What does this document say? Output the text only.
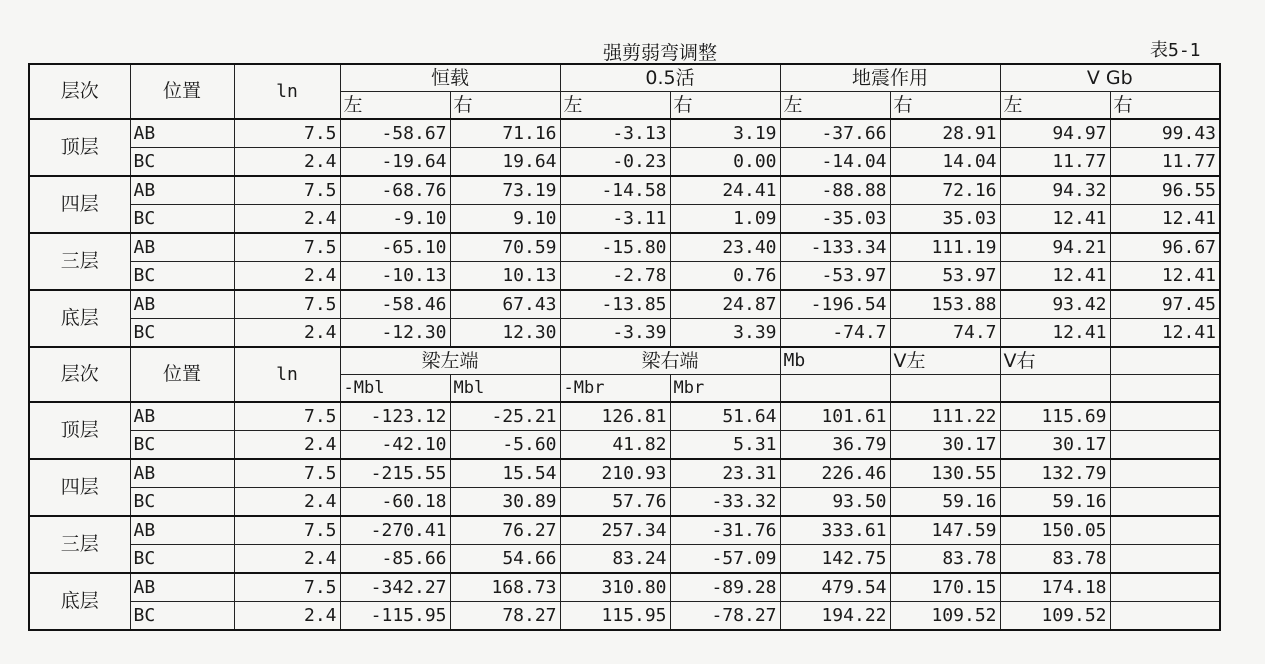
强剪弱弯调整	表5-1
层次	位置	ln	恒载		0.5活		地震作用		V Gb	
			左	右	左	右	左	右	左	右
顶层	AB	7.5	-58.67	71.16	-3.13	3.19	-37.66	28.91	94.97	99.43
	BC	2.4	-19.64	19.64	-0.23	0.00	-14.04	14.04	11.77	11.77
四层	AB	7.5	-68.76	73.19	-14.58	24.41	-88.88	72.16	94.32	96.55
	BC	2.4	-9.10	9.10	-3.11	1.09	-35.03	35.03	12.41	12.41
三层	AB	7.5	-65.10	70.59	-15.80	23.40	-133.34	111.19	94.21	96.67
	BC	2.4	-10.13	10.13	-2.78	0.76	-53.97	53.97	12.41	12.41
底层	AB	7.5	-58.46	67.43	-13.85	24.87	-196.54	153.88	93.42	97.45
	BC	2.4	-12.30	12.30	-3.39	3.39	-74.7	74.7	12.41	12.41
层次	位置	ln	梁左端		梁右端		Mb	V左	V右	
			-Mbl	Mbl	-Mbr	Mbr				
顶层	AB	7.5	-123.12	-25.21	126.81	51.64	101.61	111.22	115.69	
	BC	2.4	-42.10	-5.60	41.82	5.31	36.79	30.17	30.17	
四层	AB	7.5	-215.55	15.54	210.93	23.31	226.46	130.55	132.79	
	BC	2.4	-60.18	30.89	57.76	-33.32	93.50	59.16	59.16	
三层	AB	7.5	-270.41	76.27	257.34	-31.76	333.61	147.59	150.05	
	BC	2.4	-85.66	54.66	83.24	-57.09	142.75	83.78	83.78	
底层	AB	7.5	-342.27	168.73	310.80	-89.28	479.54	170.15	174.18	
	BC	2.4	-115.95	78.27	115.95	-78.27	194.22	109.52	109.52	
